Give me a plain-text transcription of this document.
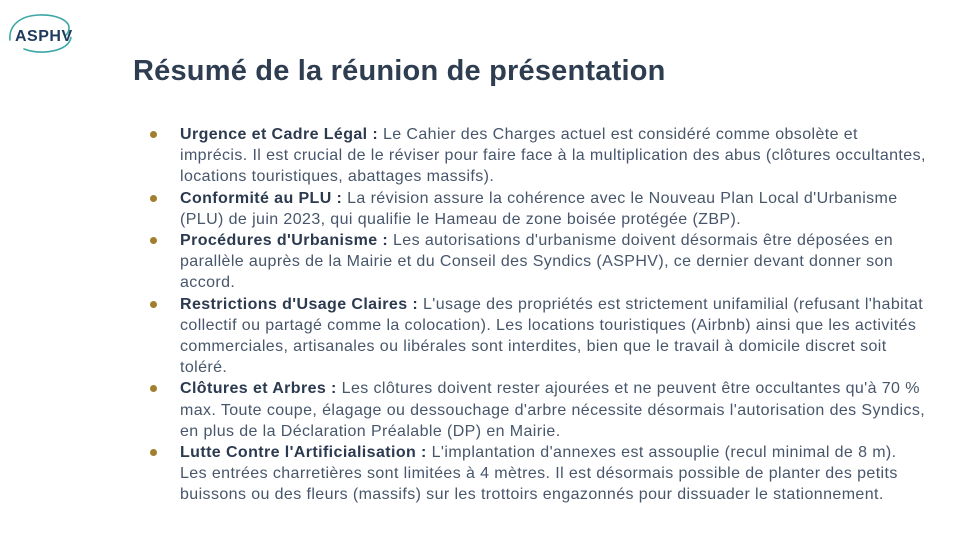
ASPHV
Résumé de la réunion de présentation
Urgence et Cadre Légal : Le Cahier des Charges actuel est considéré comme obsolète et imprécis. Il est crucial de le réviser pour faire face à la multiplication des abus (clôtures occultantes, locations touristiques, abattages massifs).
Conformité au PLU : La révision assure la cohérence avec le Nouveau Plan Local d'Urbanisme (PLU) de juin 2023, qui qualifie le Hameau de zone boisée protégée (ZBP).
Procédures d'Urbanisme : Les autorisations d'urbanisme doivent désormais être déposées en parallèle auprès de la Mairie et du Conseil des Syndics (ASPHV), ce dernier devant donner son accord.
Restrictions d'Usage Claires : L'usage des propriétés est strictement unifamilial (refusant l'habitat collectif ou partagé comme la colocation). Les locations touristiques (Airbnb) ainsi que les activités commerciales, artisanales ou libérales sont interdites, bien que le travail à domicile discret soit toléré.
Clôtures et Arbres : Les clôtures doivent rester ajourées et ne peuvent être occultantes qu'à 70 % max. Toute coupe, élagage ou dessouchage d'arbre nécessite désormais l'autorisation des Syndics, en plus de la Déclaration Préalable (DP) en Mairie.
Lutte Contre l'Artificialisation : L'implantation d'annexes est assouplie (recul minimal de 8 m). Les entrées charretières sont limitées à 4 mètres. Il est désormais possible de planter des petits buissons ou des fleurs (massifs) sur les trottoirs engazonnés pour dissuader le stationnement.
